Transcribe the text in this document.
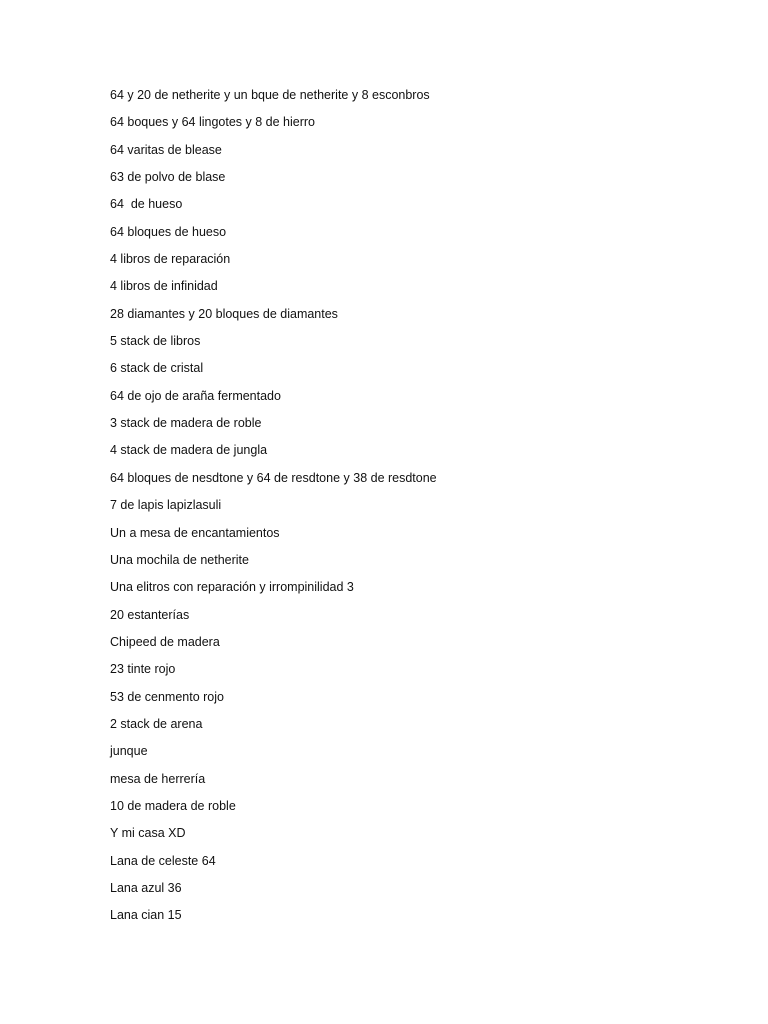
64 y 20 de netherite y un bque de netherite y 8 esconbros
64 boques y 64 lingotes y 8 de hierro
64 varitas de blease
63 de polvo de blase
64  de hueso
64 bloques de hueso
4 libros de reparación
4 libros de infinidad
28 diamantes y 20 bloques de diamantes
5 stack de libros
6 stack de cristal
64 de ojo de araña fermentado
3 stack de madera de roble
4 stack de madera de jungla
64 bloques de nesdtone y 64 de resdtone y 38 de resdtone
7 de lapis lapizlasuli
Un a mesa de encantamientos
Una mochila de netherite
Una elitros con reparación y irrompinilidad 3
20 estanterías
Chipeed de madera
23 tinte rojo
53 de cenmento rojo
2 stack de arena
junque
mesa de herrería
10 de madera de roble
Y mi casa XD
Lana de celeste 64
Lana azul 36
Lana cian 15
